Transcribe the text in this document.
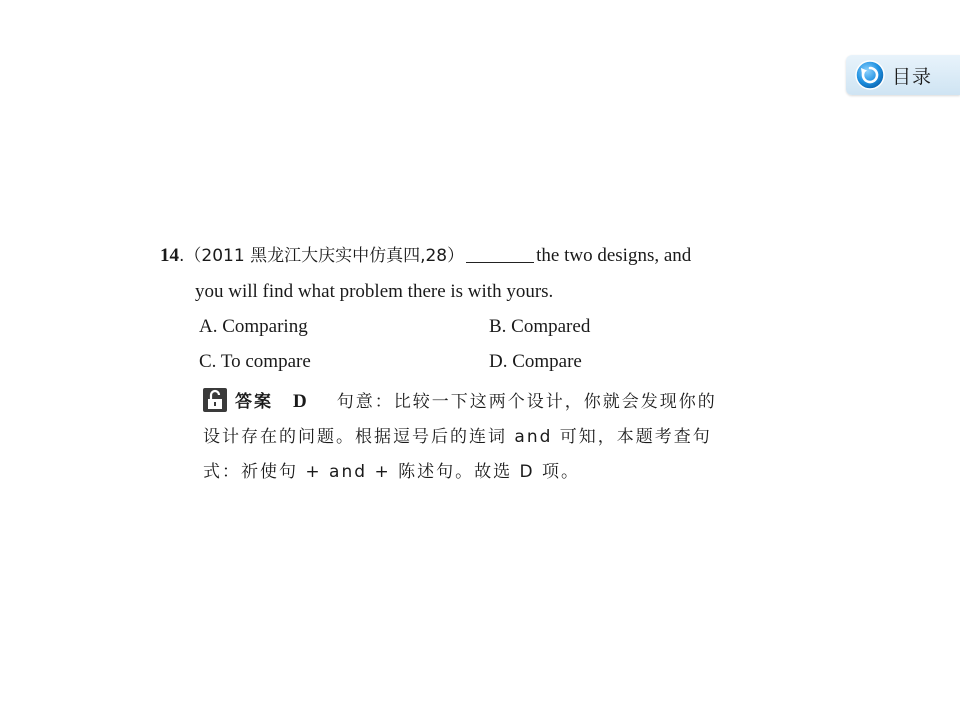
目录
14.（2011 黑龙江大庆实中仿真四,28）	the two designs, and
you will find what problem there is with yours.
A. Comparing	B. Compared
C. To compare	D. Compare
答案 D 句意：比较一下这两个设计，你就会发现你的
设计存在的问题。根据逗号后的连词 and 可知，本题考查句
式：祈使句 + and + 陈述句。故选 D 项。
